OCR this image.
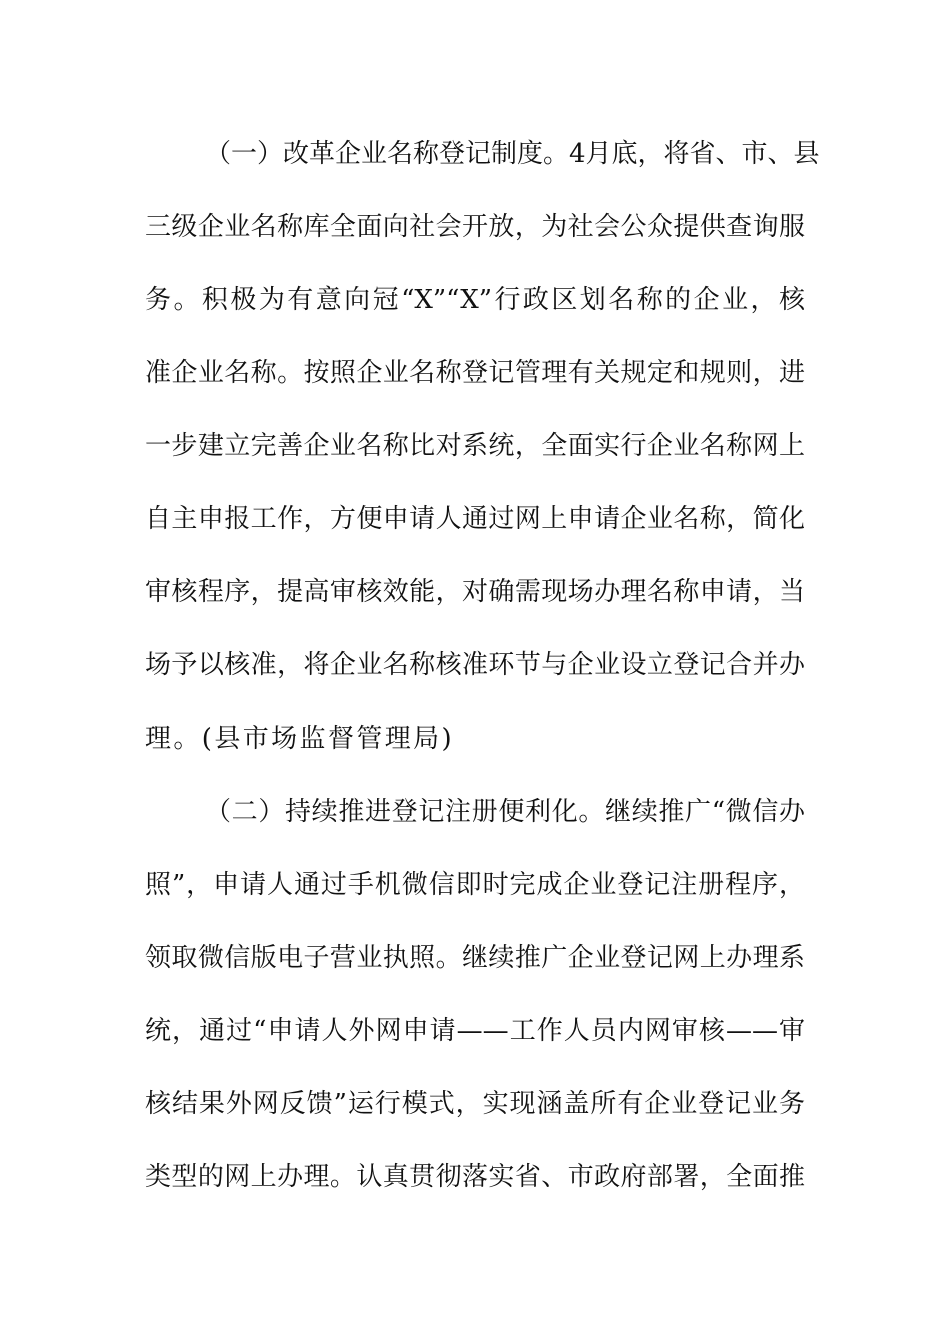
（一）改革企业名称登记制度。4月底，将省、市、县
三级企业名称库全面向社会开放，为社会公众提供查询服
务。积极为有意向冠“X”“X”行政区划名称的企业，核
准企业名称。按照企业名称登记管理有关规定和规则，进
一步建立完善企业名称比对系统，全面实行企业名称网上
自主申报工作，方便申请人通过网上申请企业名称，简化
审核程序，提高审核效能，对确需现场办理名称申请，当
场予以核准，将企业名称核准环节与企业设立登记合并办
理。(县市场监督管理局)
（二）持续推进登记注册便利化。继续推广“微信办
照”，申请人通过手机微信即时完成企业登记注册程序，
领取微信版电子营业执照。继续推广企业登记网上办理系
统，通过“申请人外网申请——工作人员内网审核——审
核结果外网反馈”运行模式，实现涵盖所有企业登记业务
类型的网上办理。认真贯彻落实省、市政府部署，全面推
